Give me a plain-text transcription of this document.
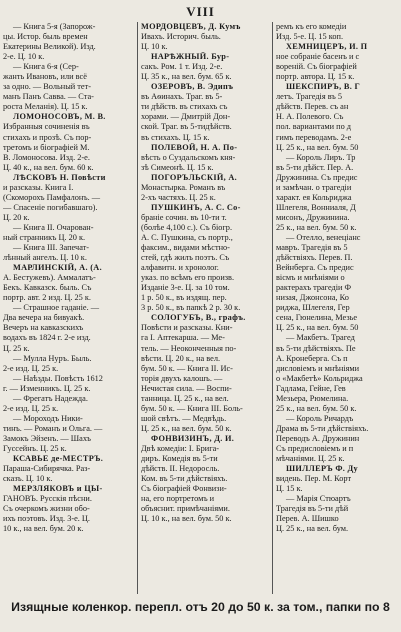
VIII
— Книга 5-я (Запорож-
цы. Истор. быль времен
Екатерины Великой). Изд.
2-е. Ц. 10 к.
— Книга 6-я (Сер-
жанть Ивановъ, или всё
за одно. — Вольный тет-
манъ Панъ Савва. — Ста-
роста Меланія). Ц. 15 к.
ЛОМОНОСОВЪ, М. В.
Избранныя сочиненія въ
стихахъ и прозѣ. Съ пор-
третомъ и біографіей М.
В. Ломоносова. Изд. 2-е.
Ц. 40 к., на вел. бум. 60 к.
ЛѢСКОВЪ Н. Повѣсти
и разсказы. Книга I.
(Скоморохъ Памфалонъ. —
— Спасеніе погибавшаго).
Ц. 20 к.
— Книга II. Очарован-
ный странникъ Ц. 20 к.
— Книга III. Запечат-
лѣнный ангелъ. Ц. 10 к.
МАРЛИНСКІЙ, А. (А.
А. Бестужевъ). Аммалатъ-
Бекъ. Кавказск. быль. Съ
портр. авт. 2 изд. Ц. 25 к.
— Страшное гаданіе. —
Два вечера на бивуакѣ.
Вечеръ на кавказскихъ
водахъ въ 1824 г. 2-е изд.
Ц. 25 к.
— Мулла Нуръ. Быль.
2-е изд. Ц. 25 к.
— Наѣзды. Повѣсть 1612
г. — Изменникъ. Ц. 25 к.
— Фрегатъ Надежда.
2-е изд. Ц. 25 к.
— Мороходъ Ники-
тинъ. — Романъ и Ольга. —
Замокъ Эйзенъ. — Шахъ
Гуссейнъ. Ц. 25 к.
КСАВЬЕ де-МЕСТРЪ.
Параша-Сибирячка. Раз-
сказъ. Ц. 10 к.
МЕРЗЛЯКОВЪ и ЦЫ-
ГАНОВЪ. Русскія пѣсни.
Съ очеркомъ жизни обо-
ихъ поэтовъ. Изд. 3-е. Ц.
10 к., на вел. бум. 20 к.
МОРДОВЦЕВЪ, Д. Кумъ
Ивахъ. Историч. быль.
Ц. 10 к.
НАРѢЖНЫЙ. Бур-
сакъ. Ром. 1 т. Изд. 2-е.
Ц. 35 к., на вел. бум. 65 к.
ОЗЕРОВЪ, В. Эдипъ
въ Аѳинахъ. Траг. въ 5-
ти дѣйств. въ стихахъ съ
хорами. — Дмитрій Дон-
ской. Траг. въ 5-тидѣйств.
въ стихахъ. Ц. 15 к.
ПОЛЕВОЙ, Н. А. По-
вѣсть о Суздальскомъ кня-
зѣ Симеонѣ. Ц. 15 к.
ПОГОРЪЛЬСКІЙ, А.
Монастырка. Романъ въ
2-хъ частяхъ. Ц. 25 к.
ПУШКИНЪ, А. С. Со-
браніе сочин. въ 10-ти т.
(болѣе 4,100 с.). Съ біогр.
А. С. Пушкина, съ портр.,
факсим., видами мѣстно-
стей, гдѣ жилъ поэтъ. Съ
алфавитн. и хронолог.
указ. по всѣмъ его произв.
Изданіе 3-е. Ц. за 10 том.
1 р. 50 к., въ издящ. пер.
3 р. 50 к., въ папкѣ 2 р. 30 к.
СОЛОГУБЪ, В., графъ.
Повѣсти и разсказы. Кни-
га I. Аптекарша. — Ме-
тель. — Неоконченныя по-
вѣсти. Ц. 20 к., на вел.
бум. 50 к. — Книга II. Ис-
торія двухъ калошъ. —
Нечистая сила. — Воспи-
танница. Ц. 25 к., на вел.
бум. 50 к. — Книга III. Боль-
шой свѣтъ. — Медвѣдь.
Ц. 25 к., на вел. бум. 50 к.
ФОНВИЗИНЪ, Д. И.
Двѣ комедіи: I. Брига-
диръ. Комедія въ 5-ти
дѣйств. II. Недоросль.
Ком. въ 5-ти дѣйствіяхъ.
Съ біографіей Фонвизи-
на, его портретомъ и
объяснит. примѣчаніями.
Ц. 10 к., на вел. бум. 50 к.
ремъ къ его комедіи
Изд. 5-е. Ц. 15 коп.
ХЕМНИЦЕРЪ, И. П
ное собраніе басенъ и с
вореній. Съ біографіей
портр. автора. Ц. 15 к.
ШЕКСПИРЪ, В. Г
летъ. Трагедія въ 5
дѣйств. Перев. съ ан
Н. А. Полевого. Съ
пол. вариантами по д
гимъ переводамъ. 2-е
Ц. 25 к., на вел. бум. 50
— Король Лиръ. Тр
въ 5-ти дѣйст. Пер. А.
Дружинина. Съ предис
и замѣчан. о трагедіи
характ. ея Кольриджа
Шлегеля, Вонниаля, Д
мисонъ, Дружинина.
25 к., на вел. бум. 50 к.
— Отелло, венеціанс
мавръ. Трагедія въ 5
дѣйствіяхъ. Перев. П.
Вейнберга. Съ предис
вісмъ и мнѣніями о
рактерахъ трагедіи Ф
низая, Джонсона, Ко
риджа, Шлегеля, Гер
сена, Гюнелина, Мезье
Ц. 25 к., на вел. бум. 50
— Макбетъ. Трагед
въ 5-ти дѣйствіяхъ. Пе
А. Кронеберга. Съ п
дисловіемъ и мнѣніями
о «Макбетѣ» Кольриджа
Гадлама, Гейне, Гев
Мезьера, Рюмелина.
25 к., на вел. бум. 50 к.
— Король Ричардъ
Драма въ 5-ти дѣйствіяхъ.
Переводъ А. Дружинин
Съ предисловіемъ и п
мѣчаніями. Ц. 25 к.
ШИЛЛЕРЪ Ф. Ду
видень. Пер. М. Корт
Ц. 15 к.
— Марія Стюартъ
Трагедія въ 5-ти дѣй
Перев. А. Шишко
Ц. 25 к., на вел. бум.
Изящные коленкор. перепл. отъ 20 до 50 к. за том., папки по 8
